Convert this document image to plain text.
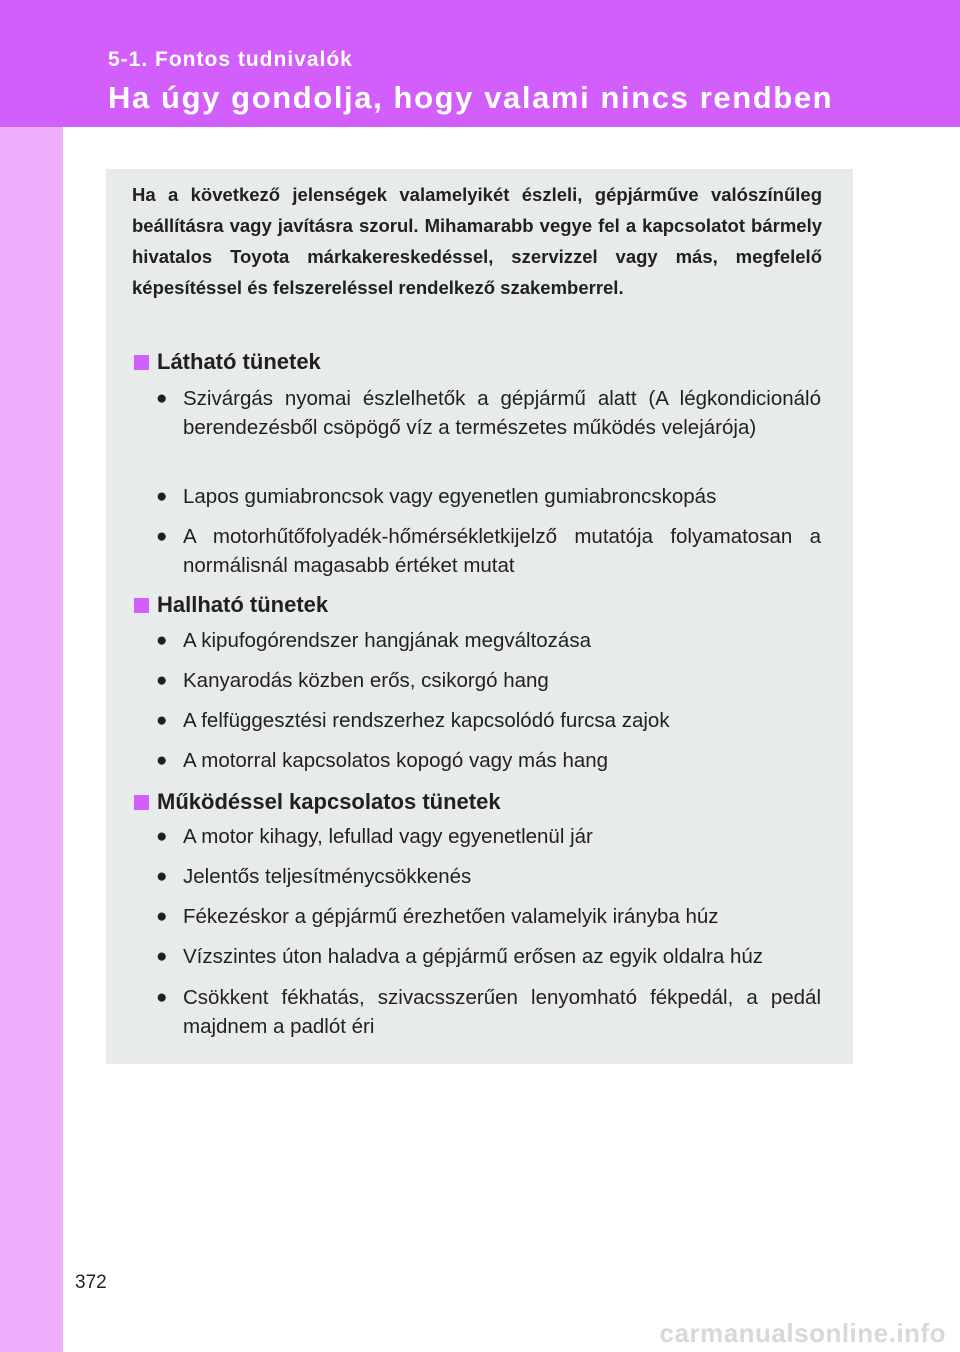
5-1. Fontos tudnivalók
Ha úgy gondolja, hogy valami nincs rendben
Ha a következő jelenségek valamelyikét észleli, gépjárműve valószínűleg beállításra vagy javításra szorul. Mihamarabb vegye fel a kapcsolatot bármely hivatalos Toyota márkakereskedéssel, szervizzel vagy más, megfelelő képesítéssel és felszereléssel rendelkező szakemberrel.
Látható tünetek
● Szivárgás nyomai észlelhetők a gépjármű alatt (A légkondicionáló berendezésből csöpögő víz a természetes működés velejárója)
● Lapos gumiabroncsok vagy egyenetlen gumiabroncskopás
● A motorhűtőfolyadék-hőmérsékletkijelző mutatója folyamatosan a normálisnál magasabb értéket mutat
Hallható tünetek
● A kipufogórendszer hangjának megváltozása
● Kanyarodás közben erős, csikorgó hang
● A felfüggesztési rendszerhez kapcsolódó furcsa zajok
● A motorral kapcsolatos kopogó vagy más hang
Működéssel kapcsolatos tünetek
● A motor kihagy, lefullad vagy egyenetlenül jár
● Jelentős teljesítménycsökkenés
● Fékezéskor a gépjármű érezhetően valamelyik irányba húz
● Vízszintes úton haladva a gépjármű erősen az egyik oldalra húz
● Csökkent fékhatás, szivacsszerűen lenyomható fékpedál, a pedál majdnem a padlót éri
372
carmanualsonline.info
